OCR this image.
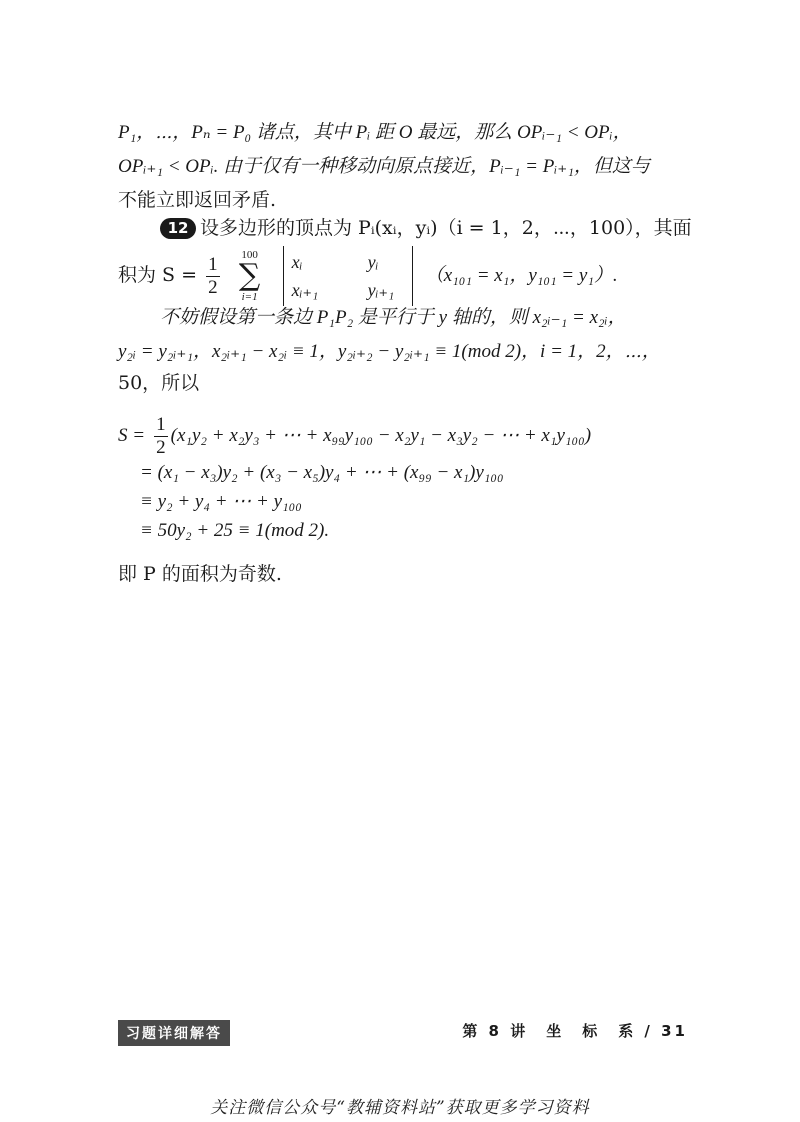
P₁，⋯，Pₙ = P₀ 诸点，其中 Pᵢ 距 O 最远，那么 OPᵢ₋₁ < OPᵢ，
OPᵢ₊₁ < OPᵢ. 由于仅有一种移动向原点接近，Pᵢ₋₁ = Pᵢ₊₁，但这与
不能立即返回矛盾.
12 设多边形的顶点为 Pᵢ(xᵢ，yᵢ)（i = 1，2，⋯，100），其面
积为 $S = \frac{1}{2}$
	100
∑
i=1

xᵢ	yᵢ
xᵢ₊₁	yᵢ₊₁
（x₁₀₁ = x₁，y₁₀₁ = y₁）.
不妨假设第一条边 P₁P₂ 是平行于 y 轴的，则 x₂ᵢ₋₁ = x₂ᵢ，
y₂ᵢ = y₂ᵢ₊₁，x₂ᵢ₊₁ − x₂ᵢ ≡ 1，y₂ᵢ₊₂ − y₂ᵢ₊₁ ≡ 1(mod 2)，i = 1，2，⋯，
50，所以
$S = \frac{1}{2} (x_1y_2 + x_2y_3$ + ⋯ + x₉₉y₁₀₀ − x₂y₁ − x₃y₂ − ⋯ + x₁y₁₀₀)
= (x₁ − x₃)y₂ + (x₃ − x₅)y₄ + ⋯ + (x₉₉ − x₁)y₁₀₀
≡ y₂ + y₄ + ⋯ + y₁₀₀
≡ 50y₂ + 25 ≡ 1(mod 2).
即 P 的面积为奇数.
习题详细解答	第 8 讲　坐　标　系 / 31
关注微信公众号“教辅资料站”获取更多学习资料
